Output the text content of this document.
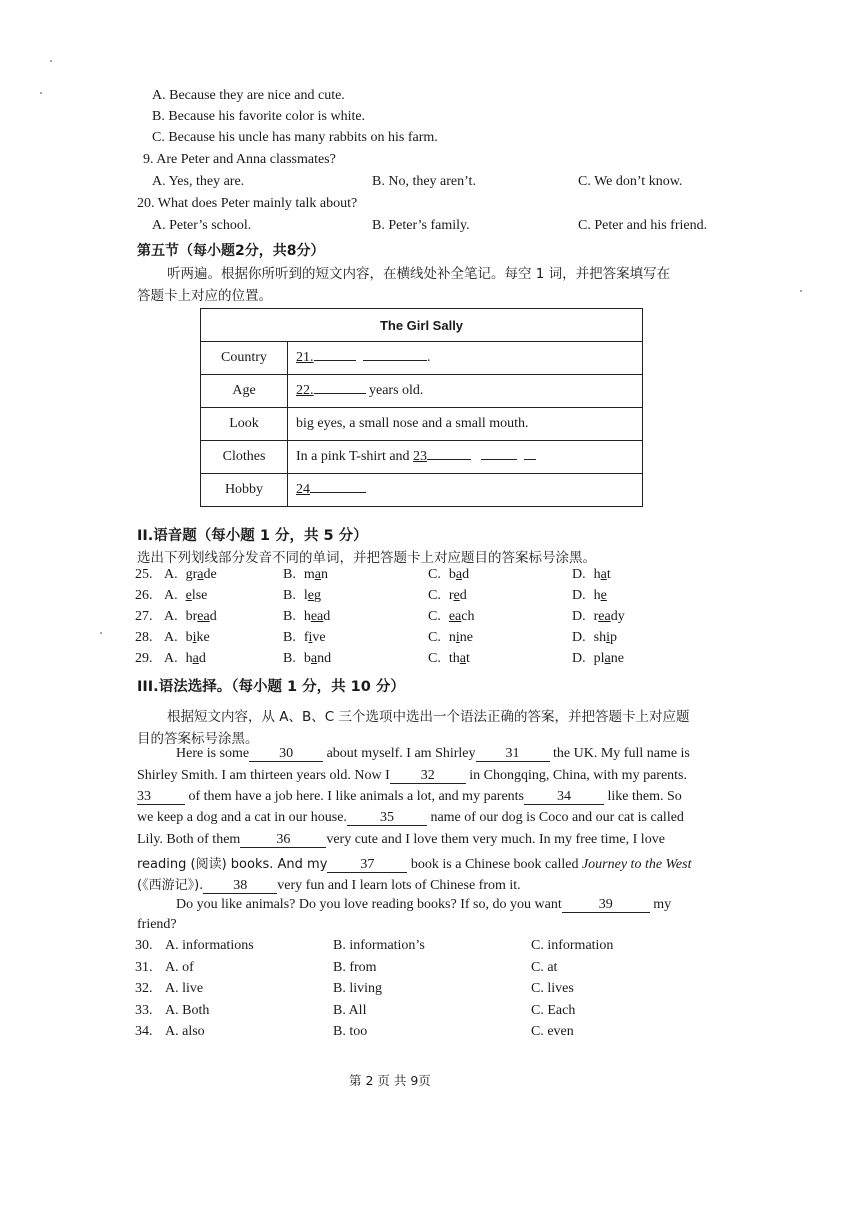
A. Because they are nice and cute.
B. Because his favorite color is white.
C. Because his uncle has many rabbits on his farm.
9. Are Peter and Anna classmates?
A. Yes, they are.	B. No, they aren’t.	C. We don’t know.
20. What does Peter mainly talk about?
A. Peter’s school.	B. Peter’s family.	C. Peter and his friend.
第五节（每小题2分，共8分）
听两遍。根据你所听到的短文内容，在横线处补全笔记。每空 1 词，并把答案填写在
答题卡上对应的位置。
The Girl Sally	
Country	21. .
Age	22. years old.
Look	big eyes, a small nose and a small mouth.
Clothes	In a pink T-shirt and 23
Hobby	24
II.语音题（每小题 1 分，共 5 分）
选出下列划线部分发音不同的单词，并把答题卡上对应题目的答案标号涂黑。
25. A. grade	B. man	C. bad	D. hat
26. A. else	B. leg	C. red	D. he
27. A. bread	B. head	C. each	D. ready
28. A. bike	B. five	C. nine	D. ship
29. A. had	B. band	C. that	D. plane
III.语法选择。（每小题 1 分，共 10 分）
根据短文内容，从 A、B、C 三个选项中选出一个语法正确的答案，并把答题卡上对应题
目的答案标号涂黑。
Here is some 30 about myself. I am Shirley 31 the UK. My full name is
Shirley Smith. I am thirteen years old. Now I 32 in Chongqing, China, with my parents.
33	of them have a job here. I like animals a lot, and my parents 34	like them. So
we keep a dog and a cat in our house. 35	name of our dog is Coco and our cat is called
Lily. Both of them	36	very cute and I love them very much. In my free time, I love
reading (阅读) books. And my 37	book is a Chinese book called Journey to the West
(《西游记》). 38 very fun and I learn lots of Chinese from it.
Do you like animals? Do you love reading books? If so, do you want	39	my
friend?
30. A. informations	B. information’s	C. information
31. A. of	B. from	C. at
32. A. live	B. living	C. lives
33. A. Both	B. All	C. Each
34. A. also	B. too	C. even
第 2 页 共 9页
